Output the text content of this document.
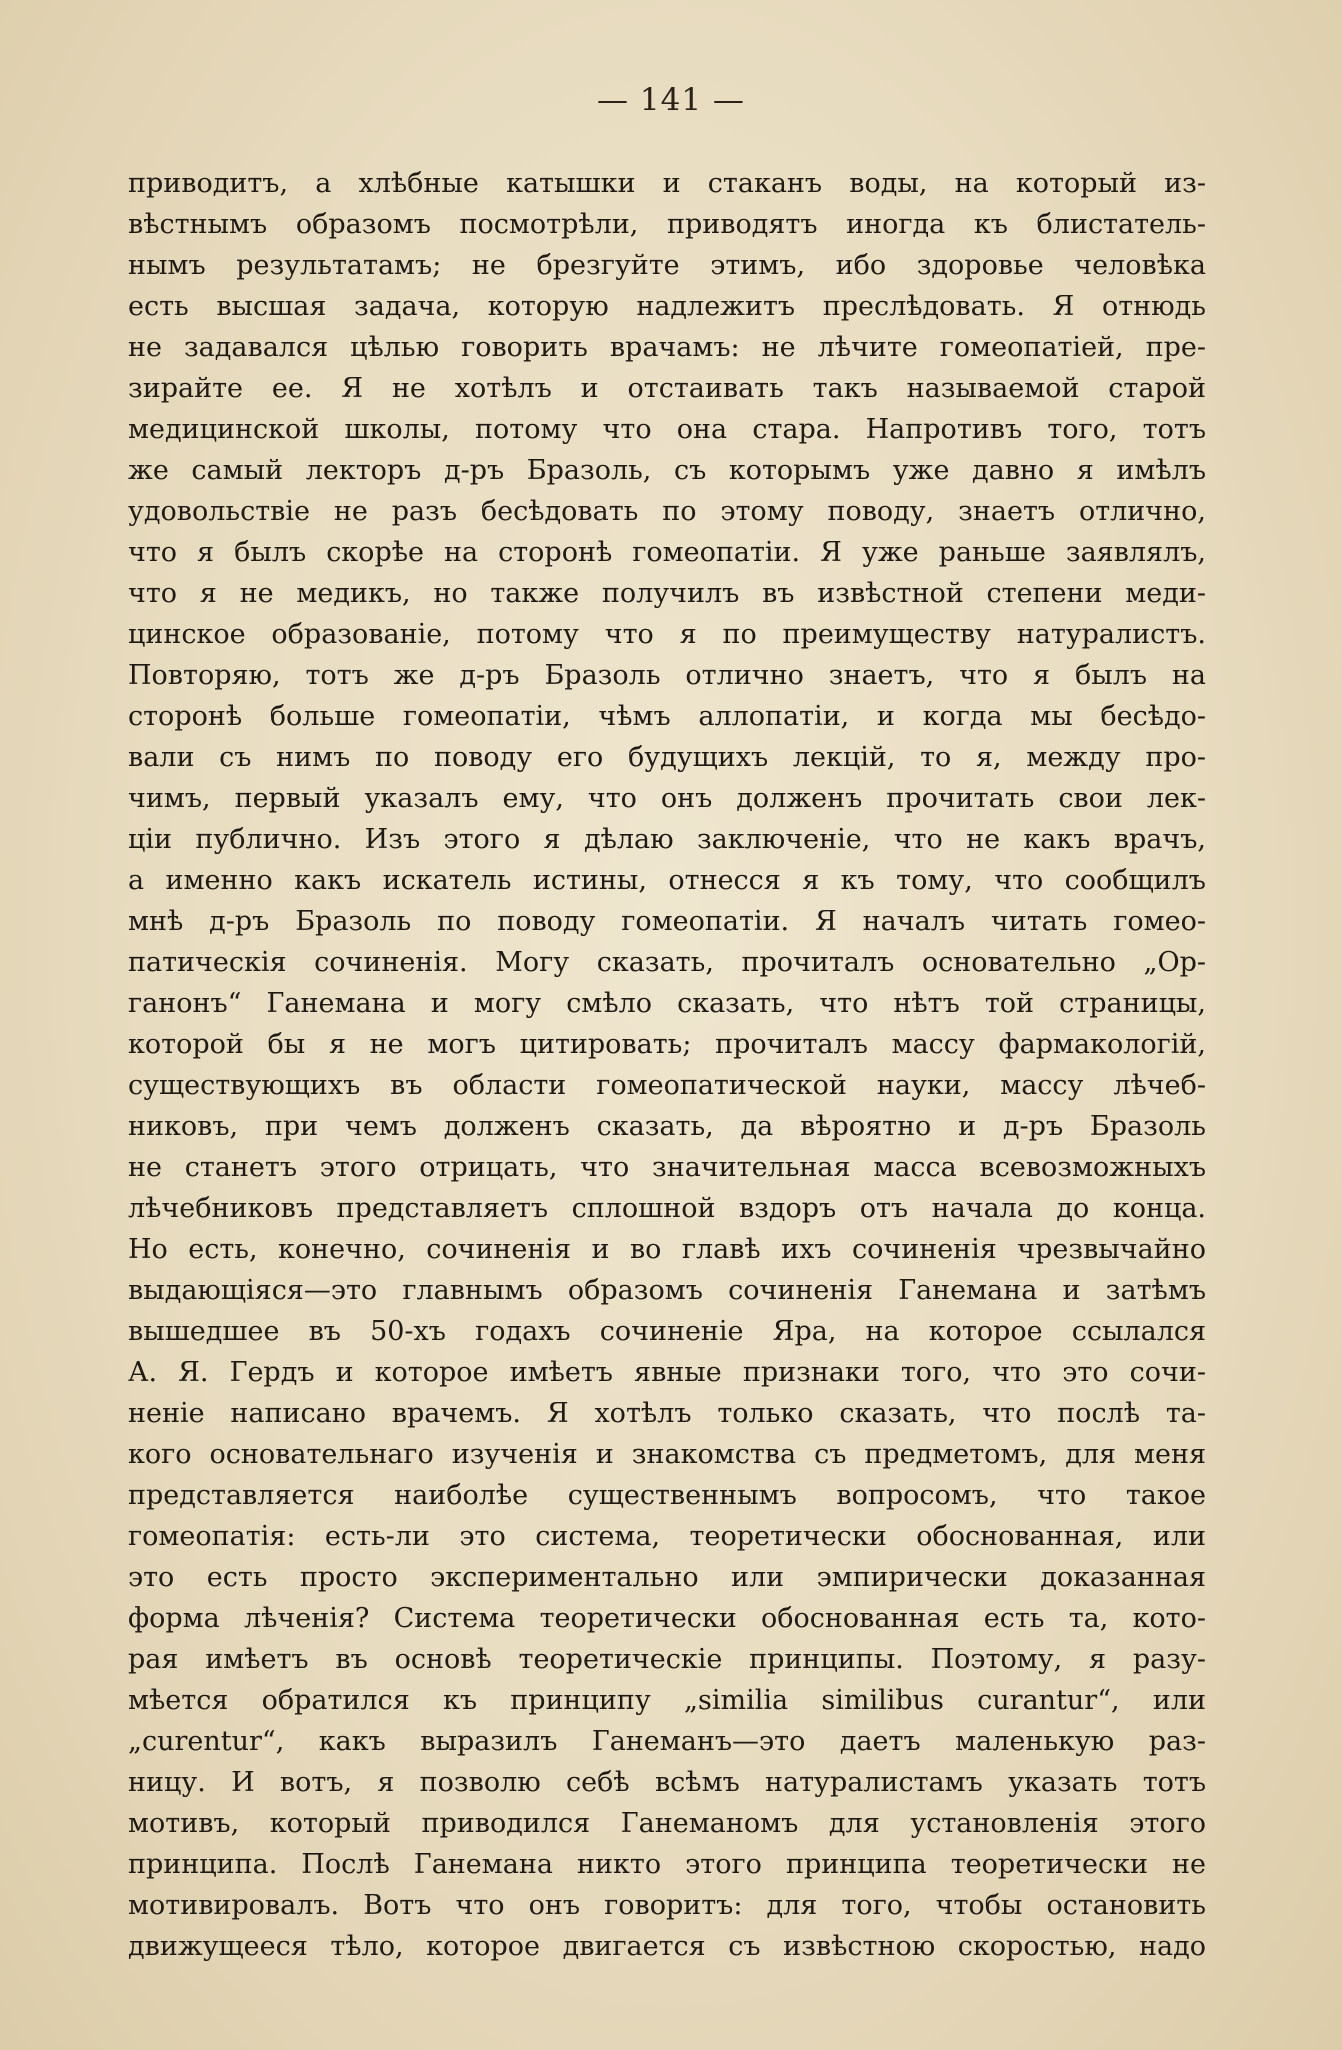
— 141 —
приводитъ, а хлѣбные катышки и стаканъ воды, на который из-
вѣстнымъ образомъ посмотрѣли, приводятъ иногда къ блистатель-
нымъ результатамъ; не брезгуйте этимъ, ибо здоровье человѣка
есть высшая задача, которую надлежитъ преслѣдовать. Я отнюдь
не задавался цѣлью говорить врачамъ: не лѣчите гомеопатіей, пре-
зирайте ее. Я не хотѣлъ и отстаивать такъ называемой старой
медицинской школы, потому что она стара. Напротивъ того, тотъ
же самый лекторъ д-ръ Бразоль, съ которымъ уже давно я имѣлъ
удовольствіе не разъ бесѣдовать по этому поводу, знаетъ отлично,
что я былъ скорѣе на сторонѣ гомеопатіи. Я уже раньше заявлялъ,
что я не медикъ, но также получилъ въ извѣстной степени меди-
цинское образованіе, потому что я по преимуществу натуралистъ.
Повторяю, тотъ же д-ръ Бразоль отлично знаетъ, что я былъ на
сторонѣ больше гомеопатіи, чѣмъ аллопатіи, и когда мы бесѣдо-
вали съ нимъ по поводу его будущихъ лекцій, то я, между про-
чимъ, первый указалъ ему, что онъ долженъ прочитать свои лек-
ціи публично. Изъ этого я дѣлаю заключеніе, что не какъ врачъ,
а именно какъ искатель истины, отнесся я къ тому, что сообщилъ
мнѣ д-ръ Бразоль по поводу гомеопатіи. Я началъ читать гомео-
патическія сочиненія. Могу сказать, прочиталъ основательно „Ор-
ганонъ“ Ганемана и могу смѣло сказать, что нѣтъ той страницы,
которой бы я не могъ цитировать; прочиталъ массу фармакологій,
существующихъ въ области гомеопатической науки, массу лѣчеб-
никовъ, при чемъ долженъ сказать, да вѣроятно и д-ръ Бразоль
не станетъ этого отрицать, что значительная масса всевозможныхъ
лѣчебниковъ представляетъ сплошной вздоръ отъ начала до конца.
Но есть, конечно, сочиненія и во главѣ ихъ сочиненія чрезвычайно
выдающіяся—это главнымъ образомъ сочиненія Ганемана и затѣмъ
вышедшее въ 50-хъ годахъ сочиненіе Яра, на которое ссылался
А. Я. Гердъ и которое имѣетъ явные признаки того, что это сочи-
неніе написано врачемъ. Я хотѣлъ только сказать, что послѣ та-
кого основательнаго изученія и знакомства съ предметомъ, для меня
представляется наиболѣе существеннымъ вопросомъ, что такое
гомеопатія: есть-ли это система, теоретически обоснованная, или
это есть просто экспериментально или эмпирически доказанная
форма лѣченія? Система теоретически обоснованная есть та, кото-
рая имѣетъ въ основѣ теоретическіе принципы. Поэтому, я разу-
мѣется обратился къ принципу „similia similibus curantur“, или
„curentur“, какъ выразилъ Ганеманъ—это даетъ маленькую раз-
ницу. И вотъ, я позволю себѣ всѣмъ натуралистамъ указать тотъ
мотивъ, который приводился Ганеманомъ для установленія этого
принципа. Послѣ Ганемана никто этого принципа теоретически не
мотивировалъ. Вотъ что онъ говоритъ: для того, чтобы остановить
движущееся тѣло, которое двигается съ извѣстною скоростью, надо
